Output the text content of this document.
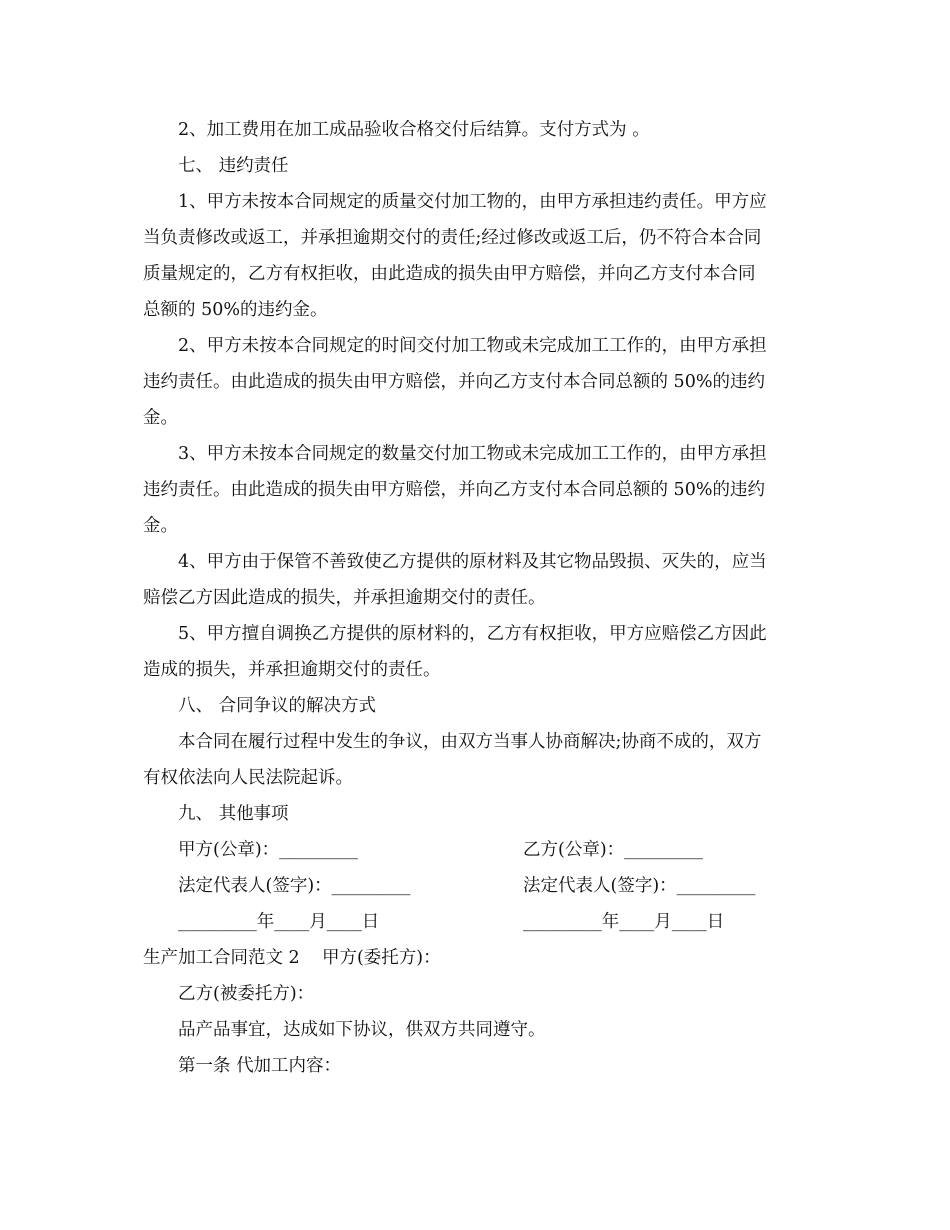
2、加工费用在加工成品验收合格交付后结算。支付方式为 。

七、 违约责任

1、甲方未按本合同规定的质量交付加工物的，由甲方承担违约责任。甲方应

当负责修改或返工，并承担逾期交付的责任;经过修改或返工后，仍不符合本合同

质量规定的，乙方有权拒收，由此造成的损失由甲方赔偿，并向乙方支付本合同

总额的 50%的违约金。

2、甲方未按本合同规定的时间交付加工物或未完成加工工作的，由甲方承担

违约责任。由此造成的损失由甲方赔偿，并向乙方支付本合同总额的 50%的违约

金。

3、甲方未按本合同规定的数量交付加工物或未完成加工工作的，由甲方承担

违约责任。由此造成的损失由甲方赔偿，并向乙方支付本合同总额的 50%的违约

金。

4、甲方由于保管不善致使乙方提供的原材料及其它物品毁损、灭失的，应当

赔偿乙方因此造成的损失，并承担逾期交付的责任。

5、甲方擅自调换乙方提供的原材料的，乙方有权拒收，甲方应赔偿乙方因此

造成的损失，并承担逾期交付的责任。

八、 合同争议的解决方式

本合同在履行过程中发生的争议，由双方当事人协商解决;协商不成的，双方

有权依法向人民法院起诉。

九、 其他事项

甲方(公章)：_________	乙方(公章)：_________
法定代表人(签字)：_________	法定代表人(签字)：_________
_________年____月____日	_________年____月____日

生产加工合同范文 2    甲方(委托方)：

乙方(被委托方)：

品产品事宜，达成如下协议，供双方共同遵守。

第一条 代加工内容：
